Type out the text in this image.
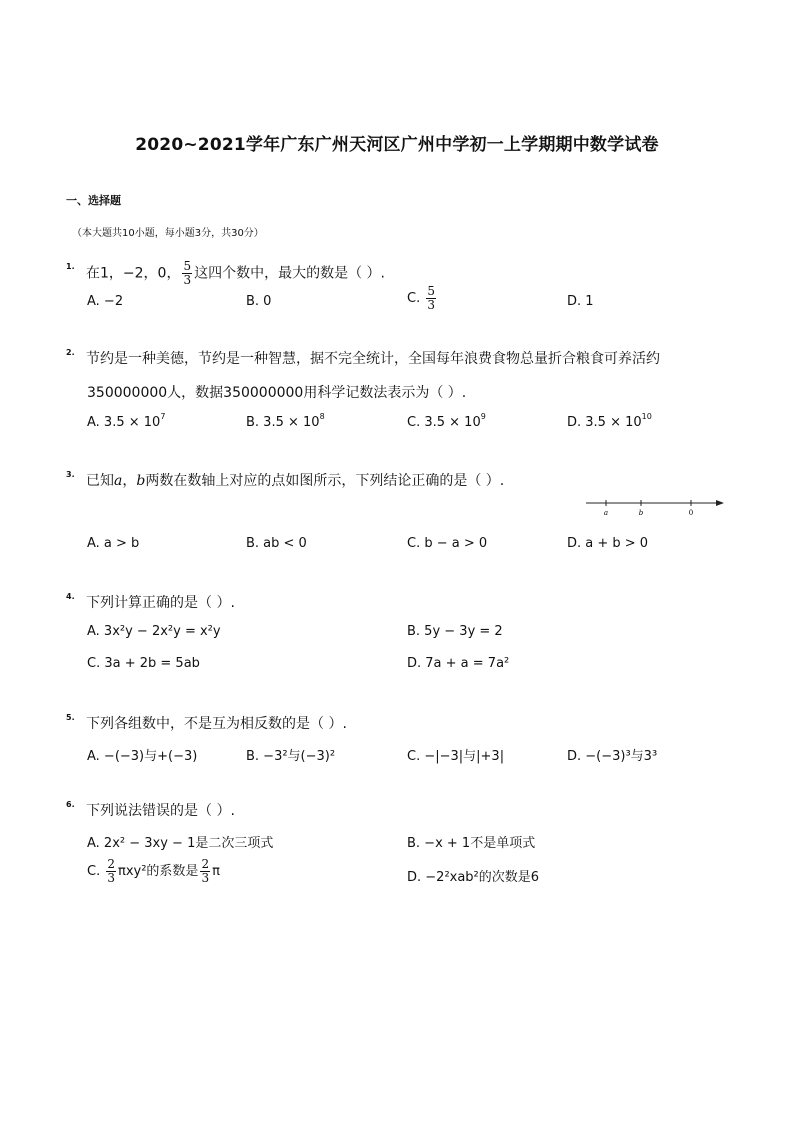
2020~2021学年广东广州天河区广州中学初一上学期期中数学试卷
一、选择题
（本大题共10小题，每小题3分，共30分）
1. 在1，−2，0， $\frac{5}{3}$ 这四个数中，最大的数是（ ）.
A. −2	B. 0	C. $\frac{5}{3}$	D. 1
2. 节约是一种美德，节约是一种智慧，据不完全统计，全国每年浪费食物总量折合粮食可养活约
350000000人，数据350000000用科学记数法表示为（ ）.
A. $3.5 \times 10^7$	B. $3.5 \times 10^8$	C. $3.5 \times 10^9$	D. $3.5 \times 10^{10}$
3. 已知a，b两数在数轴上对应的点如图所示，下列结论正确的是（ ）.
a	b	0
A. a > b	B. ab < 0	C. b − a > 0	D. a + b > 0
4. 下列计算正确的是（ ）.
A. 3x²y − 2x²y = x²y	B. 5y − 3y = 2
C. 3a + 2b = 5ab	D. 7a + a = 7a²
5. 下列各组数中，不是互为相反数的是（ ）.
A. −(−3)与+(−3)	B. −3²与(−3)²	C. −|−3|与|+3|	D. −(−3)³与3³
6. 下列说法错误的是（ ）.
A. 2x² − 3xy − 1是二次三项式	B. −x + 1不是单项式
C. $\frac{2}{3} \pi xy^2$的系数是 $\frac{2}{3}$ π	D. −2²xab²的次数是6
